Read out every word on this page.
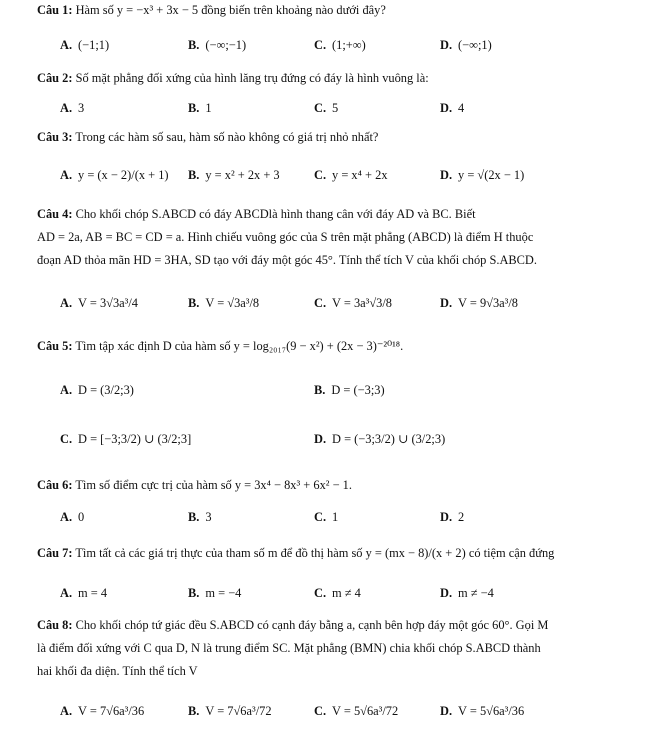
Câu 1: Hàm số y = −x³ + 3x − 5 đồng biến trên khoảng nào dưới đây?
A. (−1;1)	B. (−∞;−1)	C. (1;+∞)	D. (−∞;1)
Câu 2: Số mặt phẳng đối xứng của hình lăng trụ đứng có đáy là hình vuông là:
A. 3	B. 1	C. 5	D. 4
Câu 3: Trong các hàm số sau, hàm số nào không có giá trị nhỏ nhất?
A. y = (x − 2)/(x + 1) B. y = x² + 2x + 3	C. y = x⁴ + 2x	D. y = √(2x − 1)
Câu 4: Cho khối chóp S.ABCD có đáy ABCDlà hình thang cân với đáy AD và BC. Biết
AD = 2a, AB = BC = CD = a. Hình chiếu vuông góc của S trên mặt phẳng (ABCD) là điểm H thuộc
đoạn AD thỏa mãn HD = 3HA, SD tạo với đáy một góc 45°. Tính thể tích V của khối chóp S.ABCD.
A. V = 3√3a³/4	B. V = √3a³/8	C. V = 3a³√3/8	D. V = 9√3a³/8
Câu 5: Tìm tập xác định D của hàm số y = log₂₀₁₇(9 − x²) + (2x − 3)⁻²⁰¹⁸.
A. D = (3/2;3)	B. D = (−3;3)
C. D = [−3;3/2) ∪ (3/2;3]	D. D = (−3;3/2) ∪ (3/2;3)
Câu 6: Tìm số điểm cực trị của hàm số y = 3x⁴ − 8x³ + 6x² − 1.
A. 0	B. 3	C. 1	D. 2
Câu 7: Tìm tất cả các giá trị thực của tham số m để đồ thị hàm số y = (mx − 8)/(x + 2) có tiệm cận đứng
A. m = 4	B. m = −4	C. m ≠ 4	D. m ≠ −4
Câu 8: Cho khối chóp tứ giác đều S.ABCD có cạnh đáy bằng a, cạnh bên hợp đáy một góc 60°. Gọi M
là điểm đối xứng với C qua D, N là trung điểm SC. Mặt phẳng (BMN) chia khối chóp S.ABCD thành
hai khối đa diện. Tính thể tích V
A. V = 7√6a³/36	B. V = 7√6a³/72	C. V = 5√6a³/72	D. V = 5√6a³/36
